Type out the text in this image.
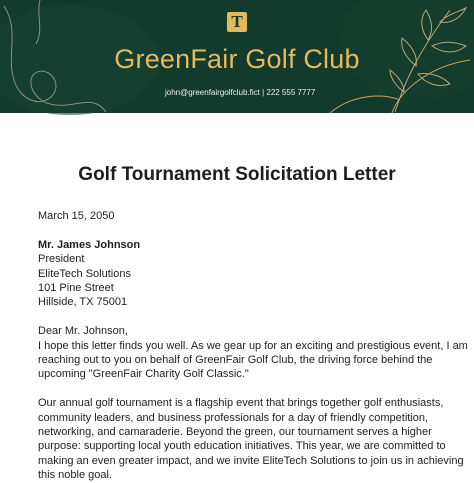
T
GreenFair Golf Club
john@greenfairgolfclub.fict | 222 555 7777
Golf Tournament Solicitation Letter
March 15, 2050
Mr. James Johnson
President
EliteTech Solutions
101 Pine Street
Hillside, TX 75001
Dear Mr. Johnson,
I hope this letter finds you well. As we gear up for an exciting and prestigious event, I am
reaching out to you on behalf of GreenFair Golf Club, the driving force behind the
upcoming "GreenFair Charity Golf Classic."
Our annual golf tournament is a flagship event that brings together golf enthusiasts,
community leaders, and business professionals for a day of friendly competition,
networking, and camaraderie. Beyond the green, our tournament serves a higher
purpose: supporting local youth education initiatives. This year, we are committed to
making an even greater impact, and we invite EliteTech Solutions to join us in achieving
this noble goal.
